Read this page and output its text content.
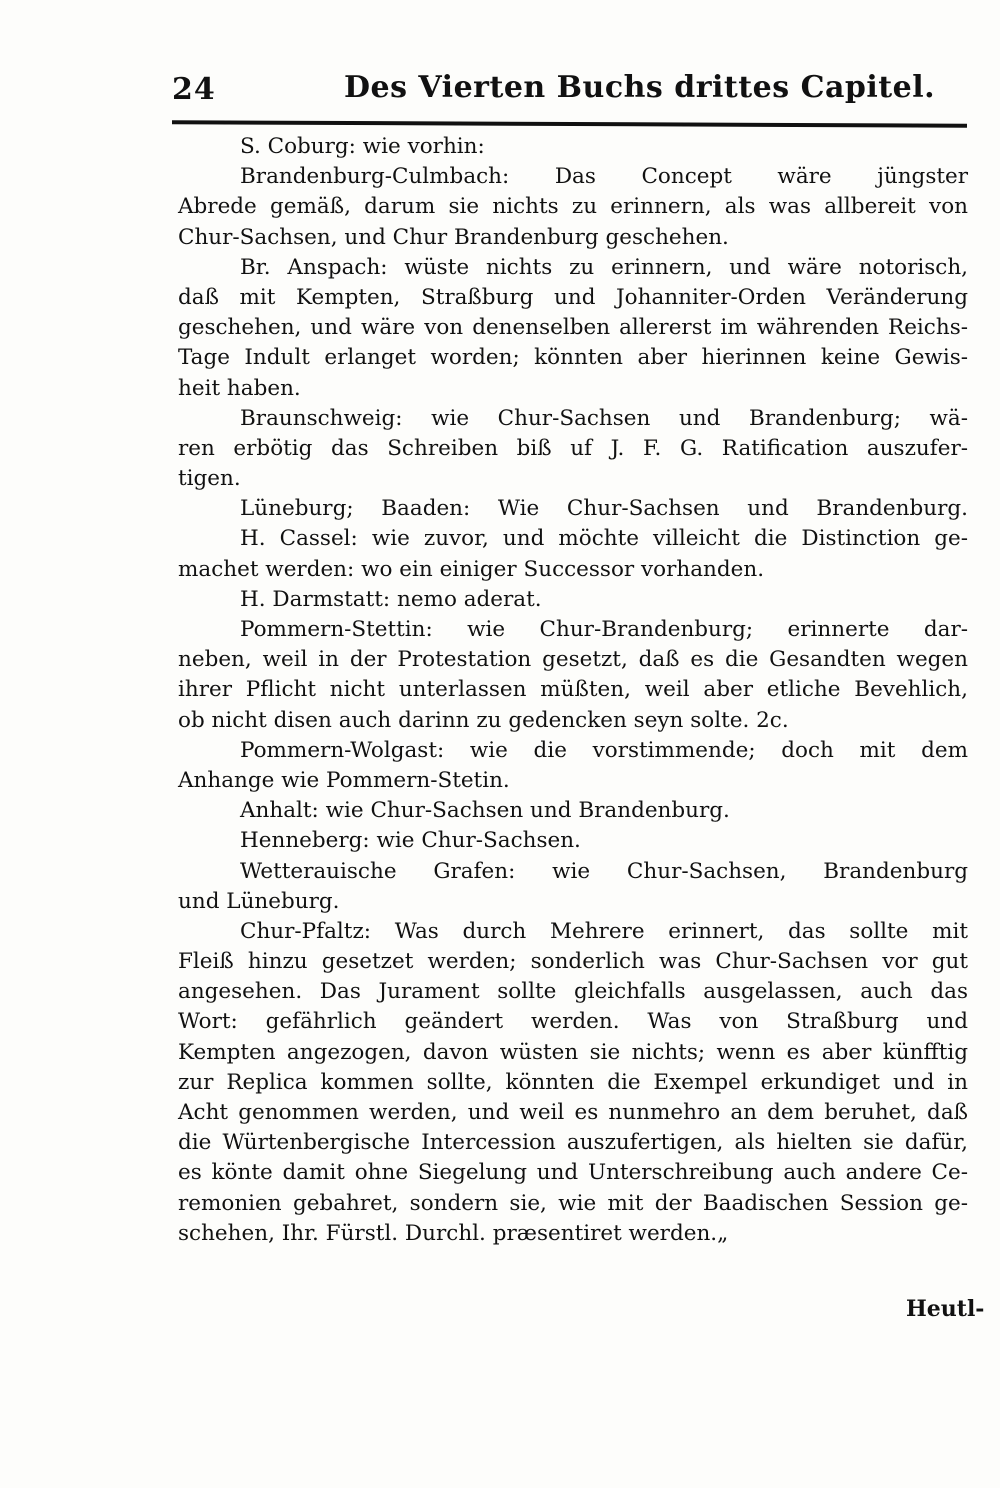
24	Des Vierten Buchs drittes Capitel.
S. Coburg: wie vorhin:
Brandenburg-Culmbach: Das Concept wäre jüngster
Abrede gemäß, darum sie nichts zu erinnern, als was allbereit von
Chur-Sachsen, und Chur Brandenburg geschehen.
Br. Anspach: wüste nichts zu erinnern, und wäre notorisch,
daß mit Kempten, Straßburg und Johanniter-Orden Veränderung
geschehen, und wäre von denenselben allererst im währenden Reichs-
Tage Indult erlanget worden; könnten aber hierinnen keine Gewis-
heit haben.
Braunschweig: wie Chur-Sachsen und Brandenburg; wä-
ren erbötig das Schreiben biß uf J. F. G. Ratification auszufer-
tigen.
Lüneburg; Baaden: Wie Chur-Sachsen und Brandenburg.
H. Cassel: wie zuvor, und möchte villeicht die Distinction ge-
machet werden: wo ein einiger Successor vorhanden.
H. Darmstatt: nemo aderat.
Pommern-Stettin: wie Chur-Brandenburg; erinnerte dar-
neben, weil in der Protestation gesetzt, daß es die Gesandten wegen
ihrer Pflicht nicht unterlassen müßten, weil aber etliche Bevehlich,
ob nicht disen auch darinn zu gedencken seyn solte. 2c.
Pommern-Wolgast: wie die vorstimmende; doch mit dem
Anhange wie Pommern-Stetin.
Anhalt: wie Chur-Sachsen und Brandenburg.
Henneberg: wie Chur-Sachsen.
Wetterauische Grafen: wie Chur-Sachsen, Brandenburg
und Lüneburg.
Chur-Pfaltz: Was durch Mehrere erinnert, das sollte mit
Fleiß hinzu gesetzet werden; sonderlich was Chur-Sachsen vor gut
angesehen. Das Jurament sollte gleichfalls ausgelassen, auch das
Wort: gefährlich geändert werden. Was von Straßburg und
Kempten angezogen, davon wüsten sie nichts; wenn es aber künfftig
zur Replica kommen sollte, könnten die Exempel erkundiget und in
Acht genommen werden, und weil es nunmehro an dem beruhet, daß
die Würtenbergische Intercession auszufertigen, als hielten sie dafür,
es könte damit ohne Siegelung und Unterschreibung auch andere Ce-
remonien gebahret, sondern sie, wie mit der Baadischen Session ge-
schehen, Ihr. Fürstl. Durchl. præsentiret werden.„
Heutl-
